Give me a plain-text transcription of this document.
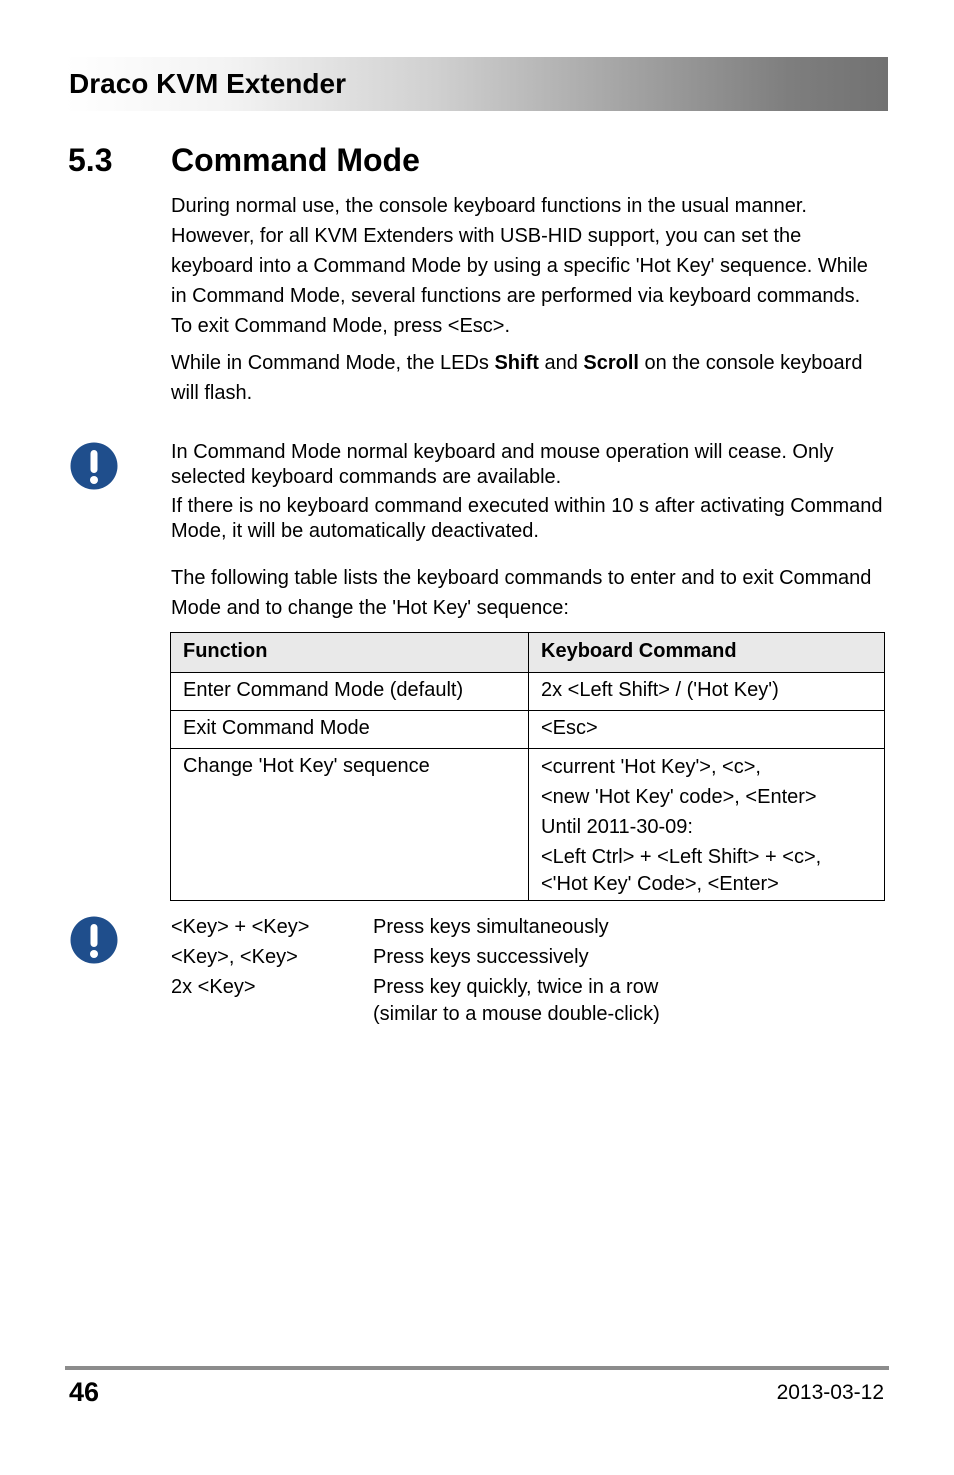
Draco KVM Extender
5.3 Command Mode
During normal use, the console keyboard functions in the usual manner. However, for all KVM Extenders with USB-HID support, you can set the keyboard into a Command Mode by using a specific 'Hot Key' sequence. While in Command Mode, several functions are performed via keyboard commands. To exit Command Mode, press <Esc>.
While in Command Mode, the LEDs Shift and Scroll on the console keyboard will flash.
In Command Mode normal keyboard and mouse operation will cease. Only selected keyboard commands are available.
If there is no keyboard command executed within 10 s after activating Command Mode, it will be automatically deactivated.
The following table lists the keyboard commands to enter and to exit Command Mode and to change the 'Hot Key' sequence:
Function	Keyboard Command
Enter Command Mode (default)	2x <Left Shift> / ('Hot Key')
Exit Command Mode	<Esc>
Change 'Hot Key' sequence	<current 'Hot Key'>, <c>,
<new 'Hot Key' code>, <Enter>
Until 2011-30-09:
<Left Ctrl> + <Left Shift> + <c>,
<'Hot Key' Code>, <Enter>
<Key> + <Key>	Press keys simultaneously
<Key>, <Key>	Press keys successively
2x <Key>	Press key quickly, twice in a row
(similar to a mouse double-click)
46	2013-03-12
